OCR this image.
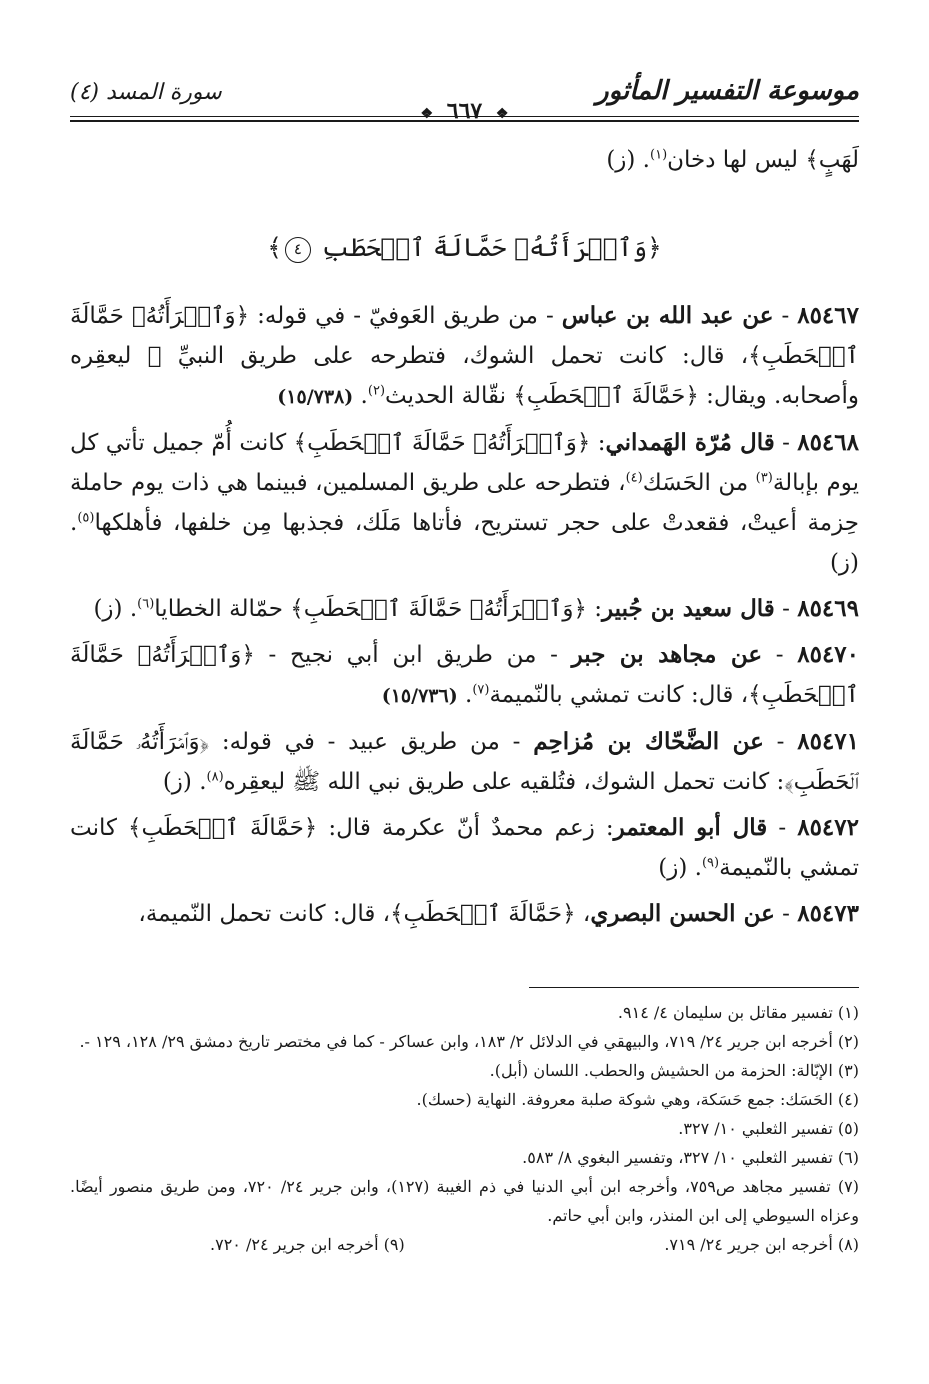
موسوعة التفسير المأثور
❖ ٦٦٧ ❖
سورة المسد (٤)

لَهَبٍ﴾ ليس لها دخان$^{(١)}$. (ز)

﴿وَٱمۡرَأَتُهُۥ حَمَّالَةَ ٱلۡحَطَبِ ٤﴾

٨٥٤٦٧ - عن عبد الله بن عباس - من طريق العَوفيّ - في قوله: ﴿وَٱمۡرَأَتُهُۥ حَمَّالَةَ ٱلۡحَطَبِ﴾، قال: كانت تحمل الشوك، فتطرحه على طريق النبيِّ ﷺ ليعقِره وأصحابه. ويقال: ﴿حَمَّالَةَ ٱلۡحَطَبِ﴾ نقّالة الحديث$^{(٢)}$. (١٥/٧٣٨)

٨٥٤٦٨ - قال مُرّة الهَمداني: ﴿وَٱمۡرَأَتُهُۥ حَمَّالَةَ ٱلۡحَطَبِ﴾ كانت أُمّ جميل تأتي كل يوم بإبالة$^{(٣)}$ من الحَسَك$^{(٤)}$، فتطرحه على طريق المسلمين، فبينما هي ذات يوم حاملة حِزمة أعيتْ، فقعدتْ على حجر تستريح، فأتاها مَلَك، فجذبها مِن خلفها، فأهلكها$^{(٥)}$. (ز)

٨٥٤٦٩ - قال سعيد بن جُبير: ﴿وَٱمۡرَأَتُهُۥ حَمَّالَةَ ٱلۡحَطَبِ﴾ حمّالة الخطايا$^{(٦)}$. (ز)

٨٥٤٧٠ - عن مجاهد بن جبر - من طريق ابن أبي نجيح - ﴿وَٱمۡرَأَتُهُۥ حَمَّالَةَ ٱلۡحَطَبِ﴾، قال: كانت تمشي بالنّميمة$^{(٧)}$. (١٥/٧٣٦)

٨٥٤٧١ - عن الضَّحّاك بن مُزاحِم - من طريق عبيد - في قوله: ﴿وَٱمۡرَأَتُهُۥ حَمَّالَةَ ٱلۡحَطَبِ﴾: كانت تحمل الشوك، فتُلقيه على طريق نبي الله ﷺ ليعقِره$^{(٨)}$. (ز)

٨٥٤٧٢ - قال أبو المعتمر: زعم محمدٌ أنّ عكرمة قال: ﴿حَمَّالَةَ ٱلۡحَطَبِ﴾ كانت تمشي بالنّميمة$^{(٩)}$. (ز)

٨٥٤٧٣ - عن الحسن البصري، ﴿حَمَّالَةَ ٱلۡحَطَبِ﴾، قال: كانت تحمل النّميمة،

(١) تفسير مقاتل بن سليمان ٤/ ٩١٤.
(٢) أخرجه ابن جرير ٢٤/ ٧١٩، والبيهقي في الدلائل ٢/ ١٨٣، وابن عساكر - كما في مختصر تاريخ دمشق ٢٩/ ١٢٨، ١٢٩ -.
(٣) الإبّالة: الحزمة من الحشيش والحطب. اللسان (أبل).
(٤) الحَسَك: جمع حَسَكة، وهي شوكة صلبة معروفة. النهاية (حسك).
(٥) تفسير الثعلبي ١٠/ ٣٢٧.
(٦) تفسير الثعلبي ١٠/ ٣٢٧، وتفسير البغوي ٨/ ٥٨٣.
(٧) تفسير مجاهد ص٧٥٩، وأخرجه ابن أبي الدنيا في ذم الغيبة (١٢٧)، وابن جرير ٢٤/ ٧٢٠، ومن طريق منصور أيضًا. وعزاه السيوطي إلى ابن المنذر، وابن أبي حاتم.
(٨) أخرجه ابن جرير ٢٤/ ٧١٩.
(٩) أخرجه ابن جرير ٢٤/ ٧٢٠.
